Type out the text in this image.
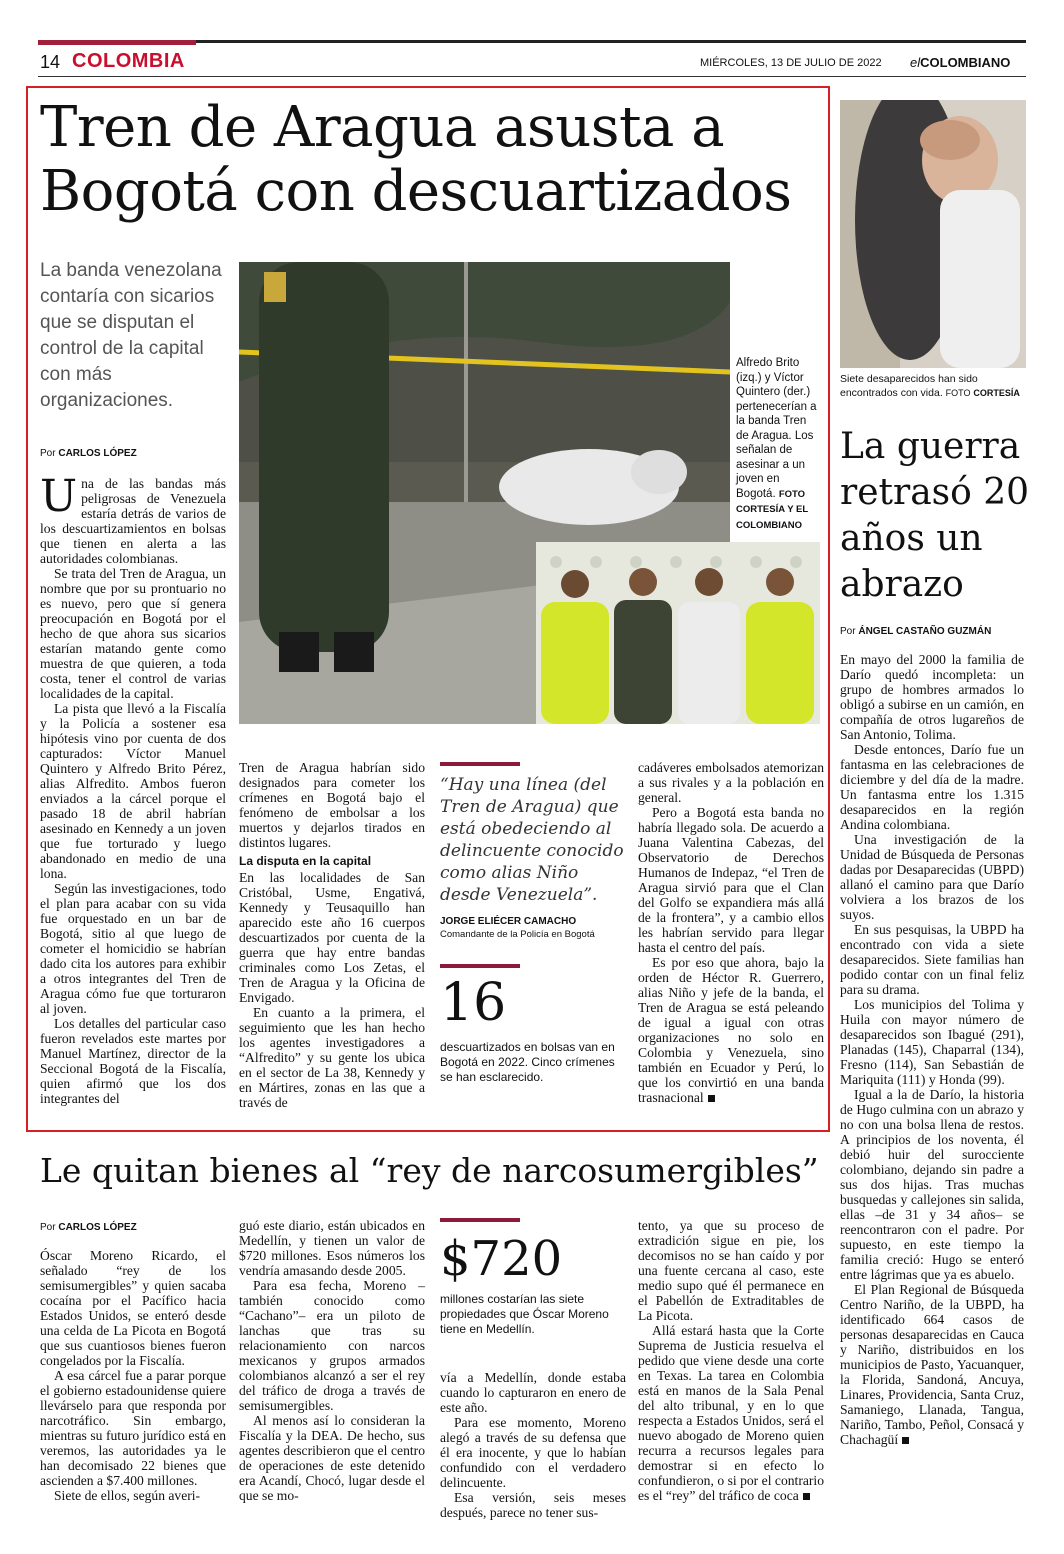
14 COLOMBIA	MIÉRCOLES, 13 DE JULIO DE 2022 elCOLOMBIANO
Tren de Aragua asusta a Bogotá con descuartizados
La banda venezolana contaría con sicarios que se disputan el control de la capital con más organizaciones.
Por CARLOS LÓPEZ
Alfredo Brito (izq.) y Víctor Quintero (der.) pertenecerían a la banda Tren de Aragua. Los señalan de asesinar a un joven en Bogotá. FOTO CORTESÍA Y EL COLOMBIANO

Una de las bandas más peligrosas de Venezuela estaría detrás de varios de los descuartizamientos en bolsas que tienen en alerta a las autoridades colombianas.

Se trata del Tren de Aragua, un nombre que por su prontuario no es nuevo, pero que sí genera preocupación en Bogotá por el hecho de que ahora sus sicarios estarían matando gente como muestra de que quieren, a toda costa, tener el control de varias localidades de la capital.

La pista que llevó a la Fiscalía y la Policía a sostener esa hipótesis vino por cuenta de dos capturados: Víctor Manuel Quintero y Alfredo Brito Pérez, alias Alfredito. Ambos fueron enviados a la cárcel porque el pasado 18 de abril habrían asesinado en Kennedy a un joven que fue torturado y luego abandonado en medio de una lona.

Según las investigaciones, todo el plan para acabar con su vida fue orquestado en un bar de Bogotá, sitio al que luego de cometer el homicidio se habrían dado cita los autores para exhibir a otros integrantes del Tren de Aragua cómo fue que torturaron al joven.

Los detalles del particular caso fueron revelados este martes por Manuel Martínez, director de la Seccional Bogotá de la Fiscalía, quien afirmó que los dos integrantes del

Tren de Aragua habrían sido designados para cometer los crímenes en Bogotá bajo el fenómeno de embolsar a los muertos y dejarlos tirados en distintos lugares.

La disputa en la capital

En las localidades de San Cristóbal, Usme, Engativá, Kennedy y Teusaquillo han aparecido este año 16 cuerpos descuartizados por cuenta de la guerra que hay entre bandas criminales como Los Zetas, el Tren de Aragua y la Oficina de Envigado.

En cuanto a la primera, el seguimiento que les han hecho los agentes investigadores a “Alfredito” y su gente los ubica en el sector de La 38, Kennedy y en Mártires, zonas en las que a través de

“Hay una línea (del Tren de Aragua) que está obedeciendo al delincuente conocido como alias Niño desde Venezuela”.
JORGE ELIÉCER CAMACHO
Comandante de la Policía en Bogotá
16
descuartizados en bolsas van en Bogotá en 2022. Cinco crímenes se han esclarecido.

cadáveres embolsados atemorizan a sus rivales y a la población en general.

Pero a Bogotá esta banda no habría llegado sola. De acuerdo a Juana Valentina Cabezas, del Observatorio de Derechos Humanos de Indepaz, “el Tren de Aragua sirvió para que el Clan del Golfo se expandiera más allá de la frontera”, y a cambio ellos les habrían servido para llegar hasta el centro del país.

Es por eso que ahora, bajo la orden de Héctor R. Guerrero, alias Niño y jefe de la banda, el Tren de Aragua se está peleando de igual a igual con otras organizaciones no solo en Colombia y Venezuela, sino también en Ecuador y Perú, lo que los convirtió en una banda trasnacional

Siete desaparecidos han sido encontrados con vida. FOTO CORTESÍA
La guerra retrasó 20 años un abrazo
Por ÁNGEL CASTAÑO GUZMÁN

En mayo del 2000 la familia de Darío quedó incompleta: un grupo de hombres armados lo obligó a subirse en un camión, en compañía de otros lugareños de San Antonio, Tolima.

Desde entonces, Darío fue un fantasma en las celebraciones de diciembre y del día de la madre. Un fantasma entre los 1.315 desaparecidos en la región Andina colombiana.

Una investigación de la Unidad de Búsqueda de Personas dadas por Desaparecidas (UBPD) allanó el camino para que Darío volviera a los brazos de los suyos.

En sus pesquisas, la UBPD ha encontrado con vida a siete desaparecidos. Siete familias han podido contar con un final feliz para su drama.

Los municipios del Tolima y Huila con mayor número de desaparecidos son Ibagué (291), Planadas (145), Chaparral (134), Fresno (114), San Sebastián de Mariquita (111) y Honda (99).

Igual a la de Darío, la historia de Hugo culmina con un abrazo y no con una bolsa llena de restos. A principios de los noventa, él debió huir del surocciente colombiano, dejando sin padre a sus dos hijas. Tras muchas busquedas y callejones sin salida, ellas –de 31 y 34 años– se reencontraron con el padre. Por supuesto, en este tiempo la familia creció: Hugo se enteró entre lágrimas que ya es abuelo.

El Plan Regional de Búsqueda Centro Nariño, de la UBPD, ha identificado 664 casos de personas desaparecidas en Cauca y Nariño, distribuidos en los municipios de Pasto, Yacuanquer, la Florida, Sandoná, Ancuya, Linares, Providencia, Santa Cruz, Samaniego, Llanada, Tangua, Nariño, Tambo, Peñol, Consacá y Chachagüí

Le quitan bienes al “rey de narcosumergibles”
Por CARLOS LÓPEZ

Óscar Moreno Ricardo, el señalado “rey de los semisumergibles” y quien sacaba cocaína por el Pacífico hacia Estados Unidos, se enteró desde una celda de La Picota en Bogotá que sus cuantiosos bienes fueron congelados por la Fiscalía.

A esa cárcel fue a parar porque el gobierno estadounidense quiere llevárselo para que responda por narcotráfico. Sin embargo, mientras su futuro jurídico está en veremos, las autoridades ya le han decomisado 22 bienes que ascienden a $7.400 millones.

Siete de ellos, según averi-

guó este diario, están ubicados en Medellín, y tienen un valor de $720 millones. Esos números los vendría amasando desde 2005.

Para esa fecha, Moreno –también conocido como “Cachano”– era un piloto de lanchas que tras su relacionamiento con narcos mexicanos y grupos armados colombianos alcanzó a ser el rey del tráfico de droga a través de semisumergibles.

Al menos así lo consideran la Fiscalía y la DEA. De hecho, sus agentes describieron que el centro de operaciones de este detenido era Acandí, Chocó, lugar desde el que se mo-

$720
millones costarían las siete propiedades que Óscar Moreno tiene en Medellín.

vía a Medellín, donde estaba cuando lo capturaron en enero de este año.

Para ese momento, Moreno alegó a través de su defensa que él era inocente, y que lo habían confundido con el verdadero delincuente.

Esa versión, seis meses después, parece no tener sus-

tento, ya que su proceso de extradición sigue en pie, los decomisos no se han caído y por una fuente cercana al caso, este medio supo qué él permanece en el Pabellón de Extraditables de La Picota.

Allá estará hasta que la Corte Suprema de Justicia resuelva el pedido que viene desde una corte en Texas. La tarea en Colombia está en manos de la Sala Penal del alto tribunal, y en lo que respecta a Estados Unidos, será el nuevo abogado de Moreno quien recurra a recursos legales para demostrar si en efecto lo confundieron, o si por el contrario es el “rey” del tráfico de coca
